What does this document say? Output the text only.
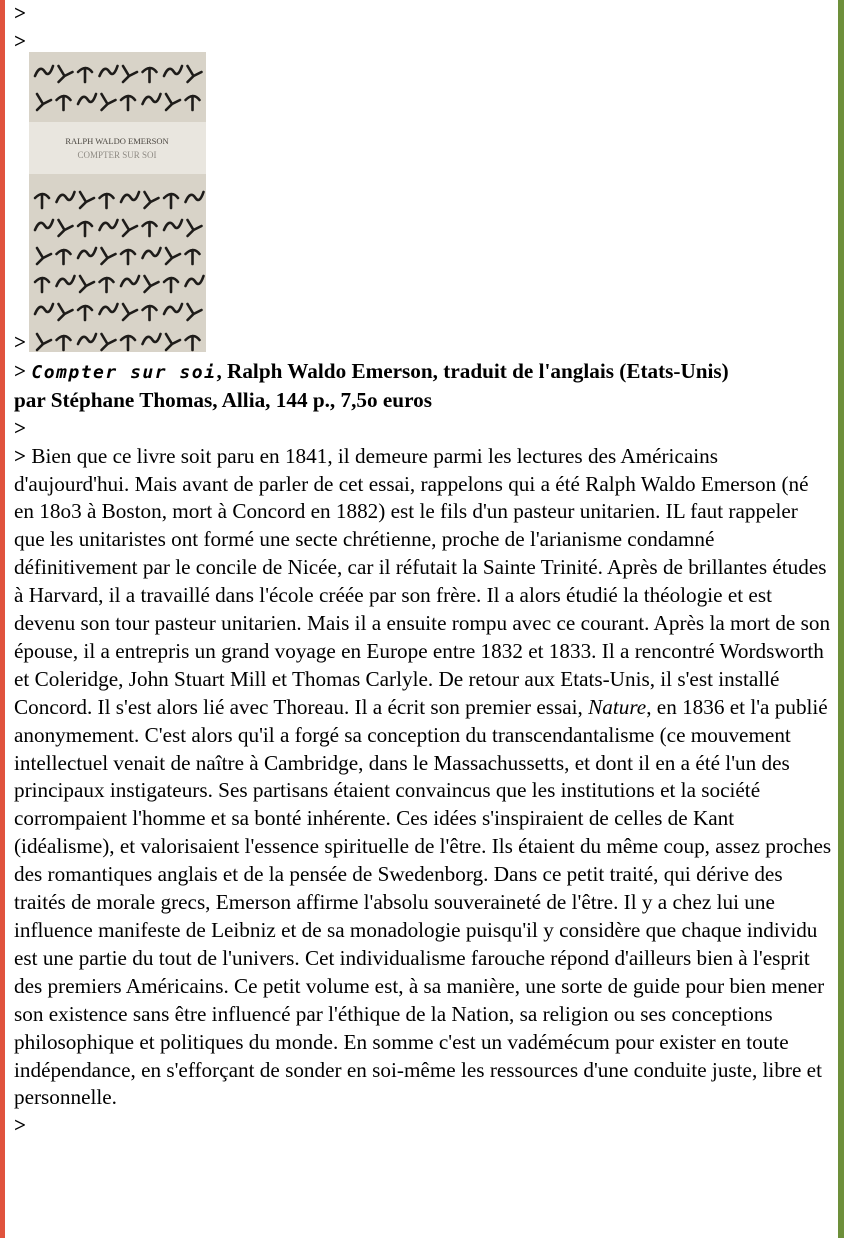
>
>
>
RALPH WALDO EMERSON
COMPTER SUR SOI

> Compter sur soi, Ralph Waldo Emerson, traduit de l'anglais (Etats-Unis)
par Stéphane Thomas, Allia, 144 p., 7,5o euros

>

> Bien que ce livre soit paru en 1841, il demeure parmi les lectures des Américains d'aujourd'hui. Mais avant de parler de cet essai, rappelons qui a été Ralph Waldo Emerson (né en 18o3 à Boston, mort à Concord en 1882) est le fils d'un pasteur unitarien. IL faut rappeler que les unitaristes ont formé une secte chrétienne, proche de l'arianisme condamné définitivement par le concile de Nicée, car il réfutait la Sainte Trinité. Après de brillantes études à Harvard, il a travaillé dans l'école créée par son frère. Il a alors étudié la théologie et est devenu son tour pasteur unitarien. Mais il a ensuite rompu avec ce courant. Après la mort de son épouse, il a entrepris un grand voyage en Europe entre 1832 et 1833. Il a rencontré Wordsworth et Coleridge, John Stuart Mill et Thomas Carlyle. De retour aux Etats-Unis, il s'est installé Concord. Il s'est alors lié avec Thoreau. Il a écrit son premier essai, Nature, en 1836 et l'a publié anonymement. C'est alors qu'il a forgé sa conception du transcendantalisme (ce mouvement intellectuel venait de naître à Cambridge, dans le Massachussetts, et dont il en a été l'un des principaux instigateurs. Ses partisans étaient convaincus que les institutions et la société corrompaient l'homme et sa bonté inhérente. Ces idées s'inspiraient de celles de Kant (idéalisme), et valorisaient l'essence spirituelle de l'être. Ils étaient du même coup, assez proches des romantiques anglais et de la pensée de Swedenborg. Dans ce petit traité, qui dérive des traités de morale grecs, Emerson affirme l'absolu souveraineté de l'être. Il y a chez lui une influence manifeste de Leibniz et de sa monadologie puisqu'il y considère que chaque individu est une partie du tout de l'univers. Cet individualisme farouche répond d'ailleurs bien à l'esprit des premiers Américains. Ce petit volume est, à sa manière, une sorte de guide pour bien mener son existence sans être influencé par l'éthique de la Nation, sa religion ou ses conceptions philosophique et politiques du monde. En somme c'est un vadémécum pour exister en toute indépendance, en s'efforçant de sonder en soi-même les ressources d'une conduite juste, libre et personnelle.

>
